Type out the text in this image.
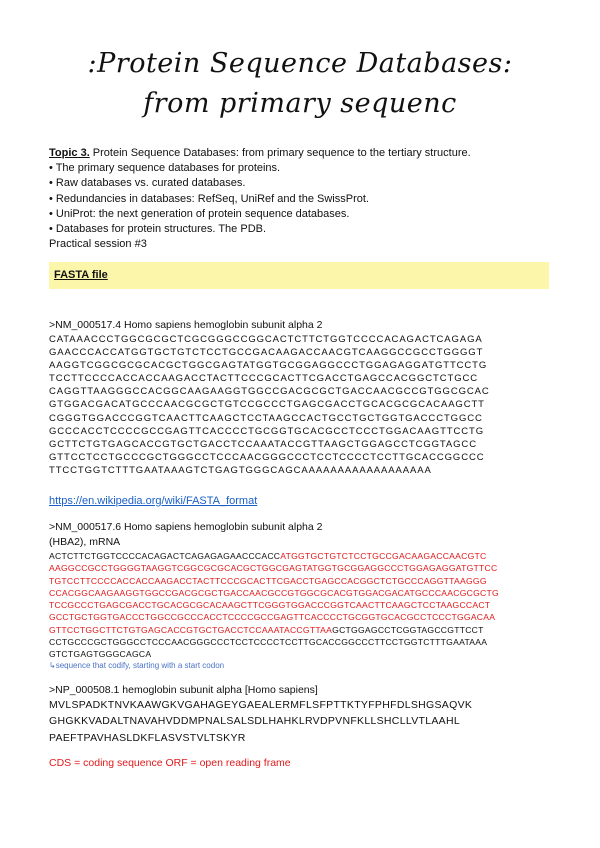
:Protein Sequence Databases:
from primary sequenc
Topic 3. Protein Sequence Databases: from primary sequence to the tertiary structure.
• The primary sequence databases for proteins.
• Raw databases vs. curated databases.
• Redundancies in databases: RefSeq, UniRef and the SwissProt.
• UniProt: the next generation of protein sequence databases.
• Databases for protein structures. The PDB.
Practical session #3
FASTA file
>NM_000517.4 Homo sapiens hemoglobin subunit alpha 2
CATAAACCCTGGCGCGCTCGCGGGCCGGCACTCTTCTGGTCCCCACAGACTCAGAGA
GAACCCACCATGGTGCTGTCTCCTGCCGACAAGACCAACGTCAAGGCCGCCTGGGGT
AAGGTCGGCGCGCACGCTGGCGAGTATGGTGCGGAGGCCCTGGAGAGGATGTTCCTG
TCCTTCCCCACCACCAAGACCTACTTCCCGCACTTCGACCTGAGCCACGGCTCTGCC
CAGGTTAAGGGCCACGGCAAGAAGGTGGCCGACGCGCTGACCAACGCCGTGGCGCAC
GTGGACGACATGCCCAACGCGCTGTCCGCCCTGAGCGACCTGCACGCGCACAAGCTT
CGGGTGGACCCGGTCAACTTCAAGCTCCTAAGCCACTGCCTGCTGGTGACCCTGGCC
GCCCACCTCCCCGCCGAGTTCACCCCTGCGGTGCACGCCTCCCTGGACAAGTTCCTG
GCTTCTGTGAGCACCGTGCTGACCTCCAAATACCGTTAAGCTGGAGCCTCGGTAGCC
GTTCCTCCTGCCCGCTGGGCCTCCCAACGGGCCCTCCTCCCCTCCTTGCACCGGCCC
TTCCTGGTCTTTGAATAAAGTCTGAGTGGGCAGCAAAAAAAAAAAAAAAAAA
https://en.wikipedia.org/wiki/FASTA_format
>NM_000517.6 Homo sapiens hemoglobin subunit alpha 2
(HBA2), mRNA
ACTCTTCTGGTCCCCACAGACTCAGAGAGAACCCACCATGGTGCTGTCTCCTGCCGACAAGACCAACGTC
AAGGCCGCCTGGGGTAAGGTCGGCGCGCACGCTGGCGAGTATGGTGCGGAGGCCCTGGAGAGGATGTTCC
TGTCCTTCCCCACCACCAAGACCTACTTCCCGCACTTCGACCTGAGCCACGGCTCTGCCCAGGTTAAGGG
CCACGGCAAGAAGGTGGCCGACGCGCTGACCAACGCCGTGGCGCACGTGGACGACATGCCCAACGCGCTG
TCCGCCCTGAGCGACCTGCACGCGCACAAGCTTCGGGTGGACCCGGTCAACTTCAAGCTCCTAAGCCACT
GCCTGCTGGTGACCCTGGCCGCCCACCTCCCCGCCGAGTTCACCCCTGCGGTGCACGCCTCCCTGGACAA
GTTCCTGGCTTCTGTGAGCACCGTGCTGACCTCCAAATACCGTTAAGCTGGAGCCTCGGTAGCCGTTCCT
CCTGCCCGCTGGGCCTCCCAACGGGCCCTCCTCCCCTCCTTGCACCGGCCCTTCCTGGTCTTTGAATAAA
GTCTGAGTGGGCAGCA
↳sequence that codify, starting with a start codon
>NP_000508.1 hemoglobin subunit alpha [Homo sapiens]
MVLSPADKTNVKAAWGKVGAHAGEYGAEALERMFLSFPTTKTYFPHFDLSHGSAQVK
GHGKKVADALTNAVAHVDDMPNALSALSDLHAHKLRVDPVNFKLLSHCLLVTLAAHL
PAEFTPAVHASLDKFLASVSTVLTSKYR
CDS = coding sequence ORF = open reading frame
